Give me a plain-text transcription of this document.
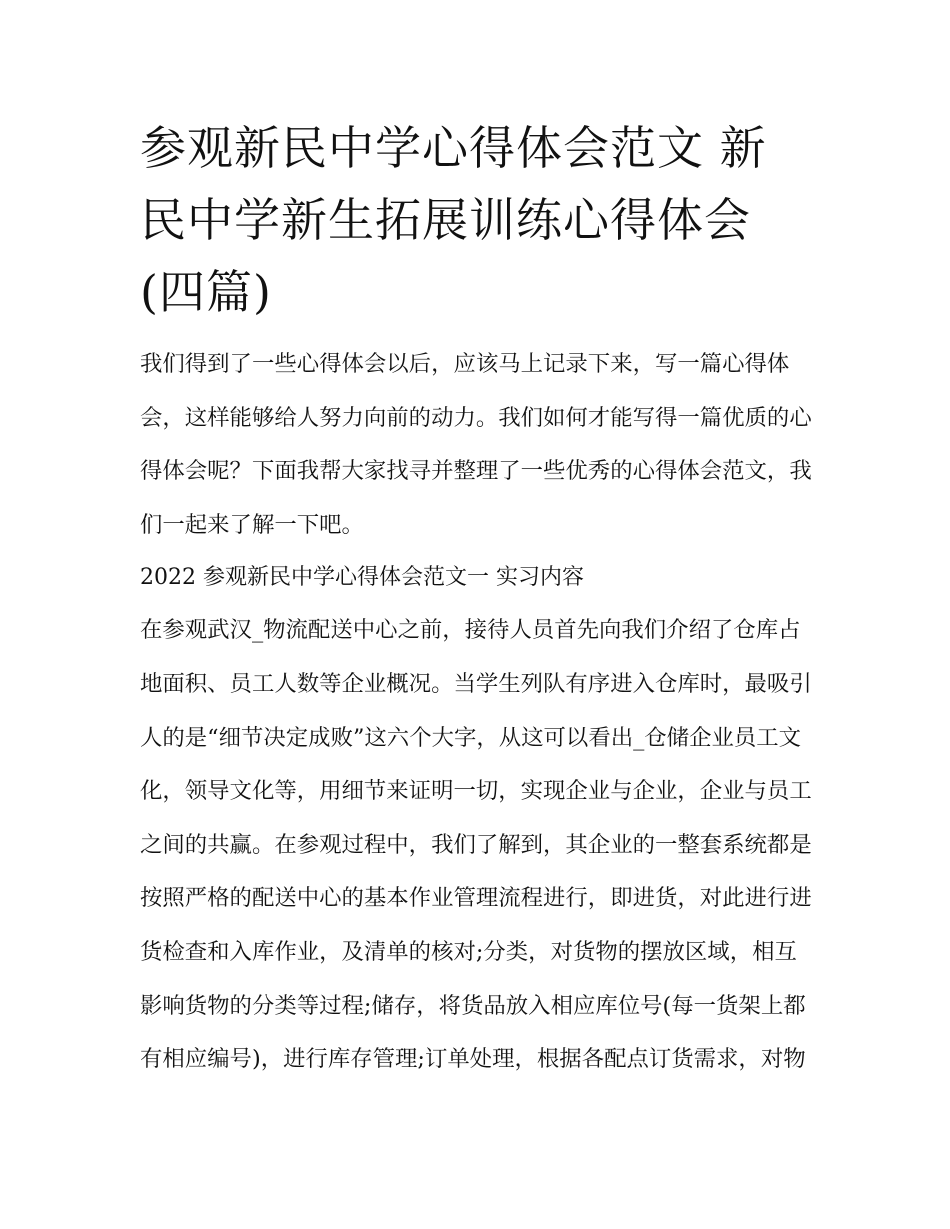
参观新民中学心得体会范文 新民中学新生拓展训练心得体会(四篇)

我们得到了一些心得体会以后，应该马上记录下来，写一篇心得体会，这样能够给人努力向前的动力。我们如何才能写得一篇优质的心得体会呢？下面我帮大家找寻并整理了一些优秀的心得体会范文，我们一起来了解一下吧。

2022 参观新民中学心得体会范文一 实习内容

在参观武汉_物流配送中心之前，接待人员首先向我们介绍了仓库占地面积、员工人数等企业概况。当学生列队有序进入仓库时，最吸引人的是“细节决定成败”这六个大字，从这可以看出_仓储企业员工文化，领导文化等，用细节来证明一切，实现企业与企业，企业与员工之间的共赢。在参观过程中，我们了解到，其企业的一整套系统都是按照严格的配送中心的基本作业管理流程进行，即进货，对此进行进货检查和入库作业，及清单的核对;分类，对货物的摆放区域，相互影响货物的分类等过程;储存，将货品放入相应库位号(每一货架上都有相应编号)，进行库存管理;订单处理，根据各配点订货需求，对物
